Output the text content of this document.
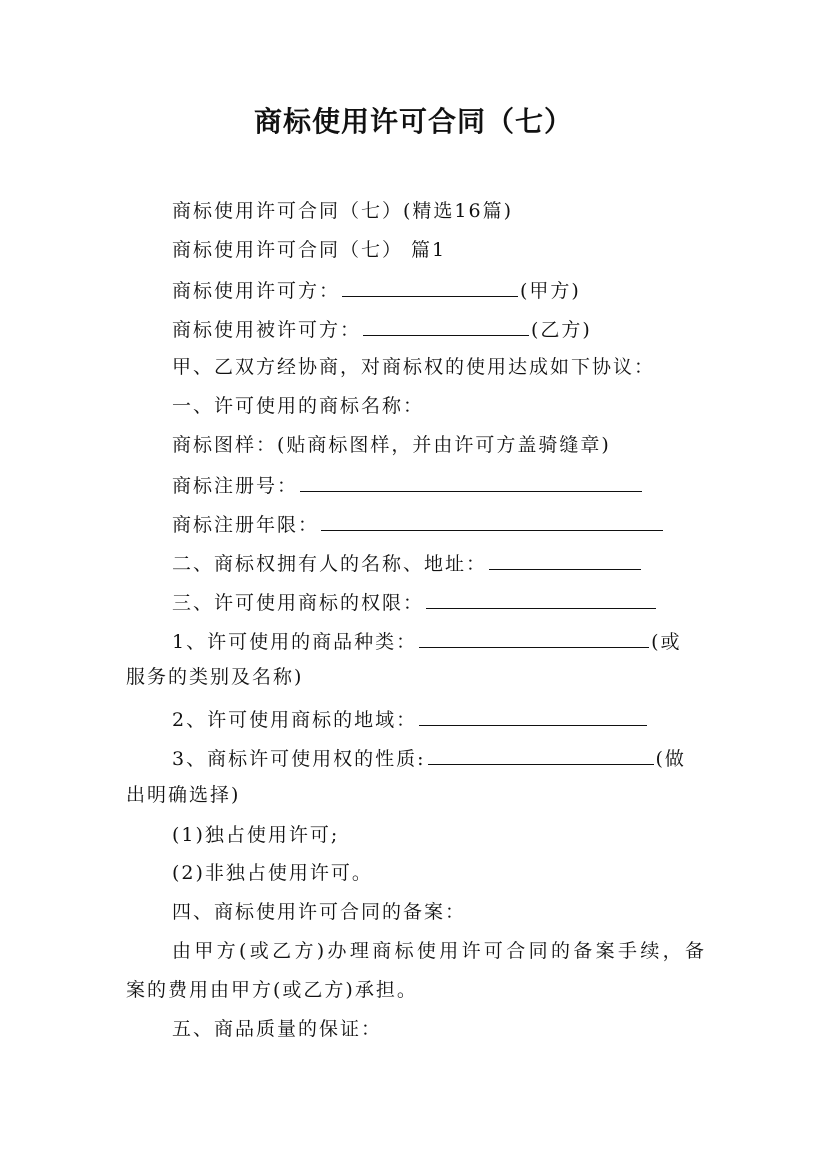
商标使用许可合同（七）
商标使用许可合同（七）(精选16篇)
商标使用许可合同（七） 篇1
商标使用许可方：	(甲方)
商标使用被许可方：	(乙方)
甲、乙双方经协商，对商标权的使用达成如下协议：
一、许可使用的商标名称：
商标图样：(贴商标图样，并由许可方盖骑缝章)
商标注册号：
商标注册年限：
二、商标权拥有人的名称、地址：
三、许可使用商标的权限：
1、许可使用的商品种类：	(或
服务的类别及名称)
2、许可使用商标的地域：
3、商标许可使用权的性质:	(做
出明确选择)
(1)独占使用许可;
(2)非独占使用许可。
四、商标使用许可合同的备案：
由甲方(或乙方)办理商标使用许可合同的备案手续，备
案的费用由甲方(或乙方)承担。
五、商品质量的保证：
